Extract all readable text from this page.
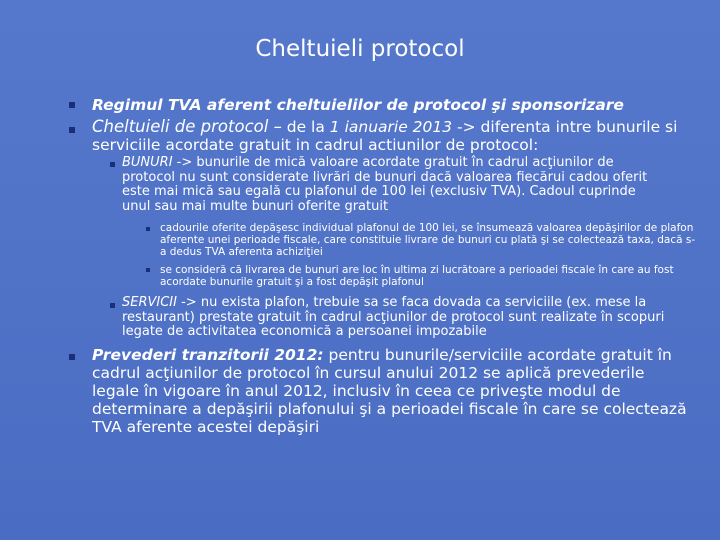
Cheltuieli protocol
Regimul TVA aferent cheltuielilor de protocol şi sponsorizare
Cheltuieli de protocol – de la 1 ianuarie 2013 -> diferenta intre bunurile si serviciile acordate gratuit in cadrul actiunilor de protocol:
BUNURI -> bunurile de mică valoare acordate gratuit în cadrul acţiunilor de protocol nu sunt considerate livrări de bunuri dacă valoarea fiecărui cadou oferit este mai mică sau egală cu plafonul de 100 lei (exclusiv TVA). Cadoul cuprinde unul sau mai multe bunuri oferite gratuit
cadourile oferite depăşesc individual plafonul de 100 lei, se însumează valoarea depăşirilor de plafon aferente unei perioade fiscale, care constituie livrare de bunuri cu plată şi se colectează taxa, dacă s-a dedus TVA aferenta achiziţiei
se consideră că livrarea de bunuri are loc în ultima zi lucrătoare a perioadei fiscale în care au fost acordate bunurile gratuit şi a fost depăşit plafonul
SERVICII -> nu exista plafon, trebuie sa se faca dovada ca serviciile (ex. mese la restaurant) prestate gratuit în cadrul acţiunilor de protocol sunt realizate în scopuri legate de activitatea economică a persoanei impozabile
Prevederi tranzitorii 2012: pentru bunurile/serviciile acordate gratuit în cadrul acţiunilor de protocol în cursul anului 2012 se aplică prevederile legale în vigoare în anul 2012, inclusiv în ceea ce priveşte modul de determinare a depăşirii plafonului şi a perioadei fiscale în care se colectează TVA aferente acestei depăşiri
